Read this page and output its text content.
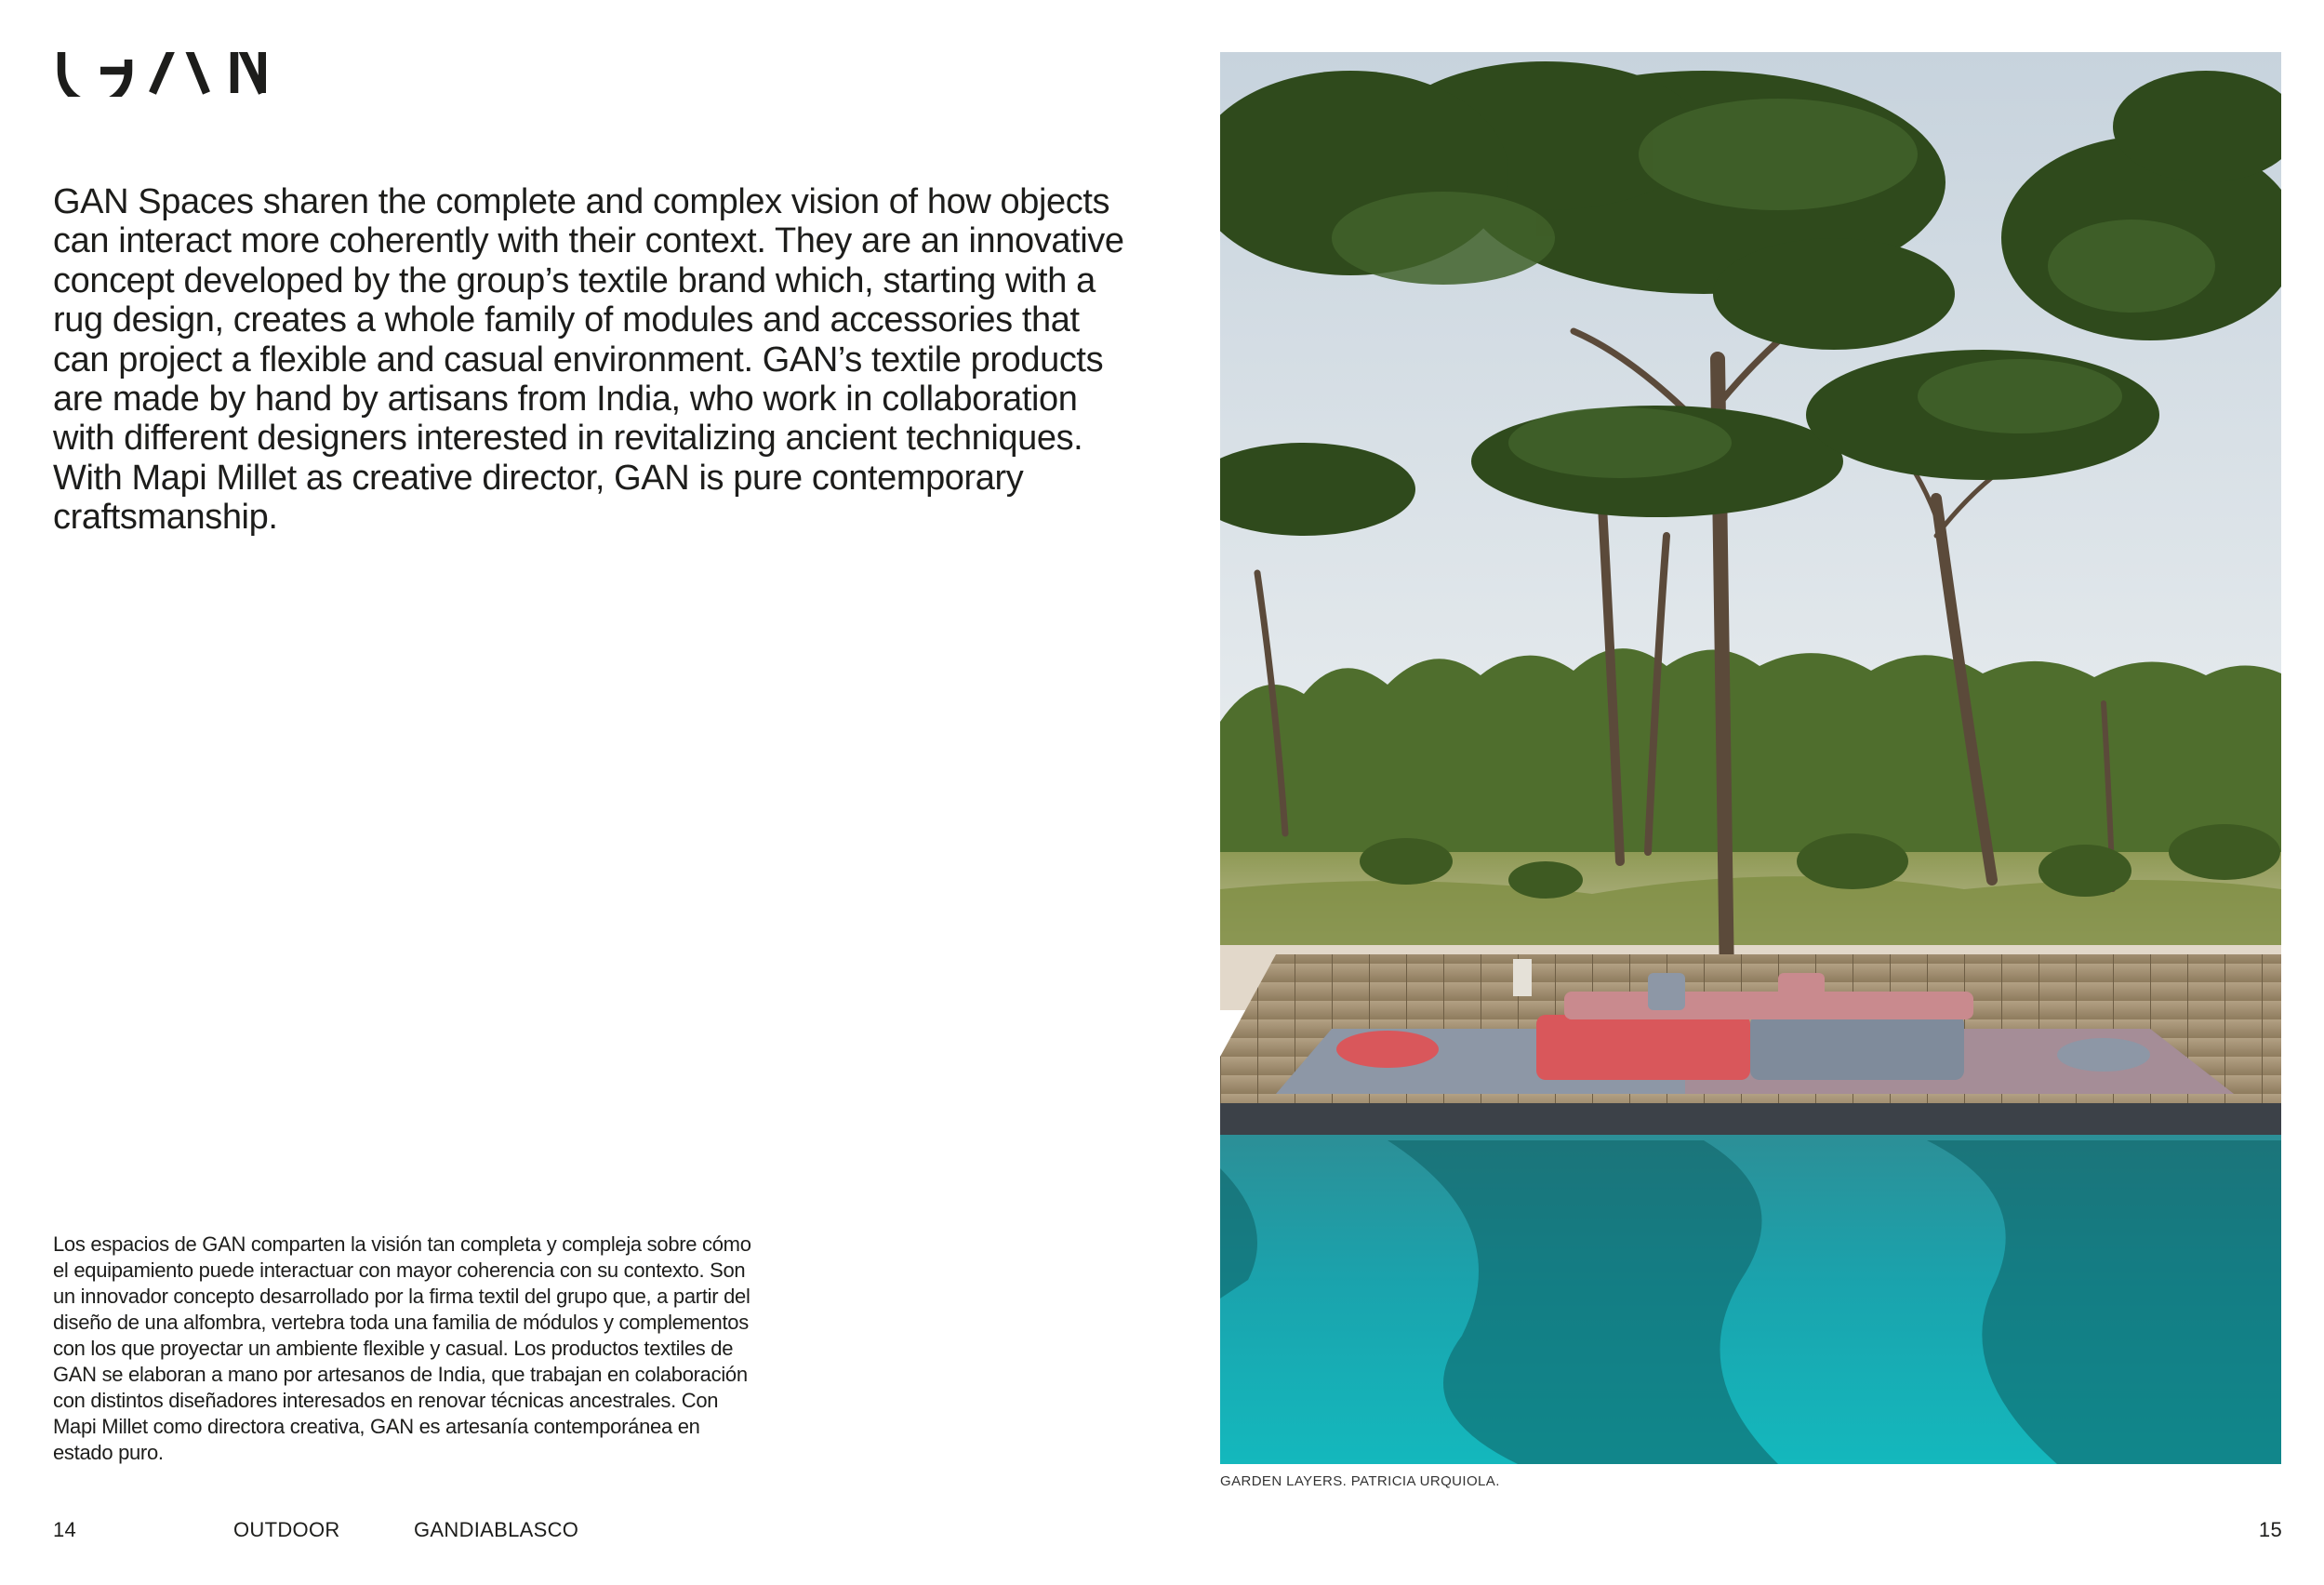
GAN Spaces sharen the complete and complex vision of how objects can interact more coherently with their context. They are an innovative concept developed by the group’s textile brand which, starting with a rug design, creates a whole family of modules and accessories that can project a flexible and casual environment. GAN’s textile products are made by hand by artisans from India, who work in collaboration with different designers interested in revitalizing ancient techniques. With Mapi Millet as creative director, GAN is pure contemporary craftsmanship.

Los espacios de GAN comparten la visión tan completa y compleja sobre cómo el equipamiento puede interactuar con mayor coherencia con su contexto. Son un innovador concepto desarrollado por la firma textil del grupo que, a partir del diseño de una alfombra, vertebra toda una familia de módulos y complementos con los que proyectar un ambiente flexible y casual. Los productos textiles de GAN se elaboran a mano por artesanos de India, que trabajan en colaboración con distintos diseñadores interesados en renovar técnicas ancestrales. Con Mapi Millet como directora creativa, GAN es artesanía contemporánea en estado puro.

GARDEN LAYERS. PATRICIA URQUIOLA.
14	OUTDOOR	GANDIABLASCO	15
